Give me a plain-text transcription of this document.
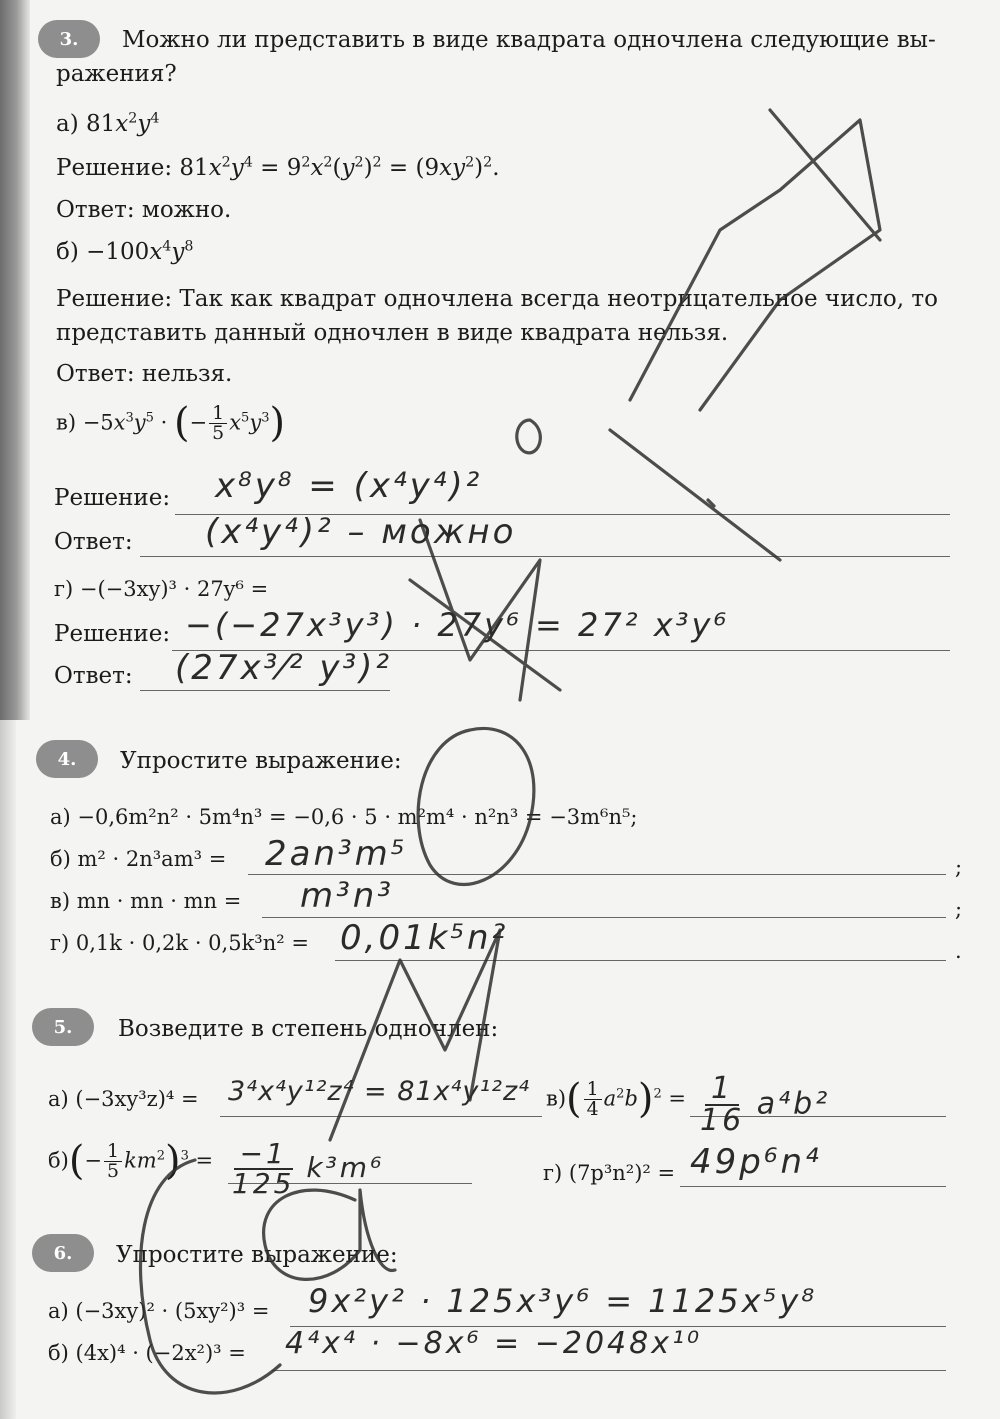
3.	Можно ли представить в виде квадрата одночлена следующие вы-
ражения?
а) $81x^2y^4$
Решение: $81x^2y^4 = 9^2x^2(y^2)^2 = (9xy^2)^2$.
Ответ: можно.
$б) -100x^4y^8$
Решение: Так как квадрат одночлена всегда неотрицательное число, то
представить данный одночлен в виде квадрата нельзя.
Ответ: нельзя.
$в) -5x^3y^5$ · (− $\frac{1}{5} x^5y^3$)
Решение: x⁸y⁸ = (x⁴y⁴)²
Ответ: (x⁴y⁴)² – можно
г) −(−3xy)³ · 27y⁶ =
Решение: −(−27x³y³) · 27y⁶ = 27² x³y⁶
Ответ: (27x³⁄² y³)²
4.	Упростите выражение:
а) −0,6m²n² · 5m⁴n³ = −0,6 · 5 · m²m⁴ · n²n³ = −3m⁶n⁵;
б) m² · 2n³am³ = 2an³m⁵	;
в) mn · mn · mn = m³n³	;
г) 0,1k · 0,2k · 0,5k³n² = 0,01k⁵n²	.
5.	Возведите в степень одночлен:
а) (−3xy³z)⁴ = 3⁴x⁴y¹²z⁴ = 81x⁴y¹²z⁴ $в)( \frac{1}{4} a^2b)^2 = \frac{1}{16} a^4b^2$
$б)(- \frac{1}{5} km^2)^3 = \frac{-1}{125} k^3m^6$	г) (7p³n²)² = 49p⁶n⁴
6.	Упростите выражение:
а) (−3xy)² · (5xy²)³ = 9x²y² · 125x³y⁶ = 1125x⁵y⁸
б) (4x)⁴ · (−2x²)³ = 4⁴x⁴ · −8x⁶ = −2048x¹⁰
